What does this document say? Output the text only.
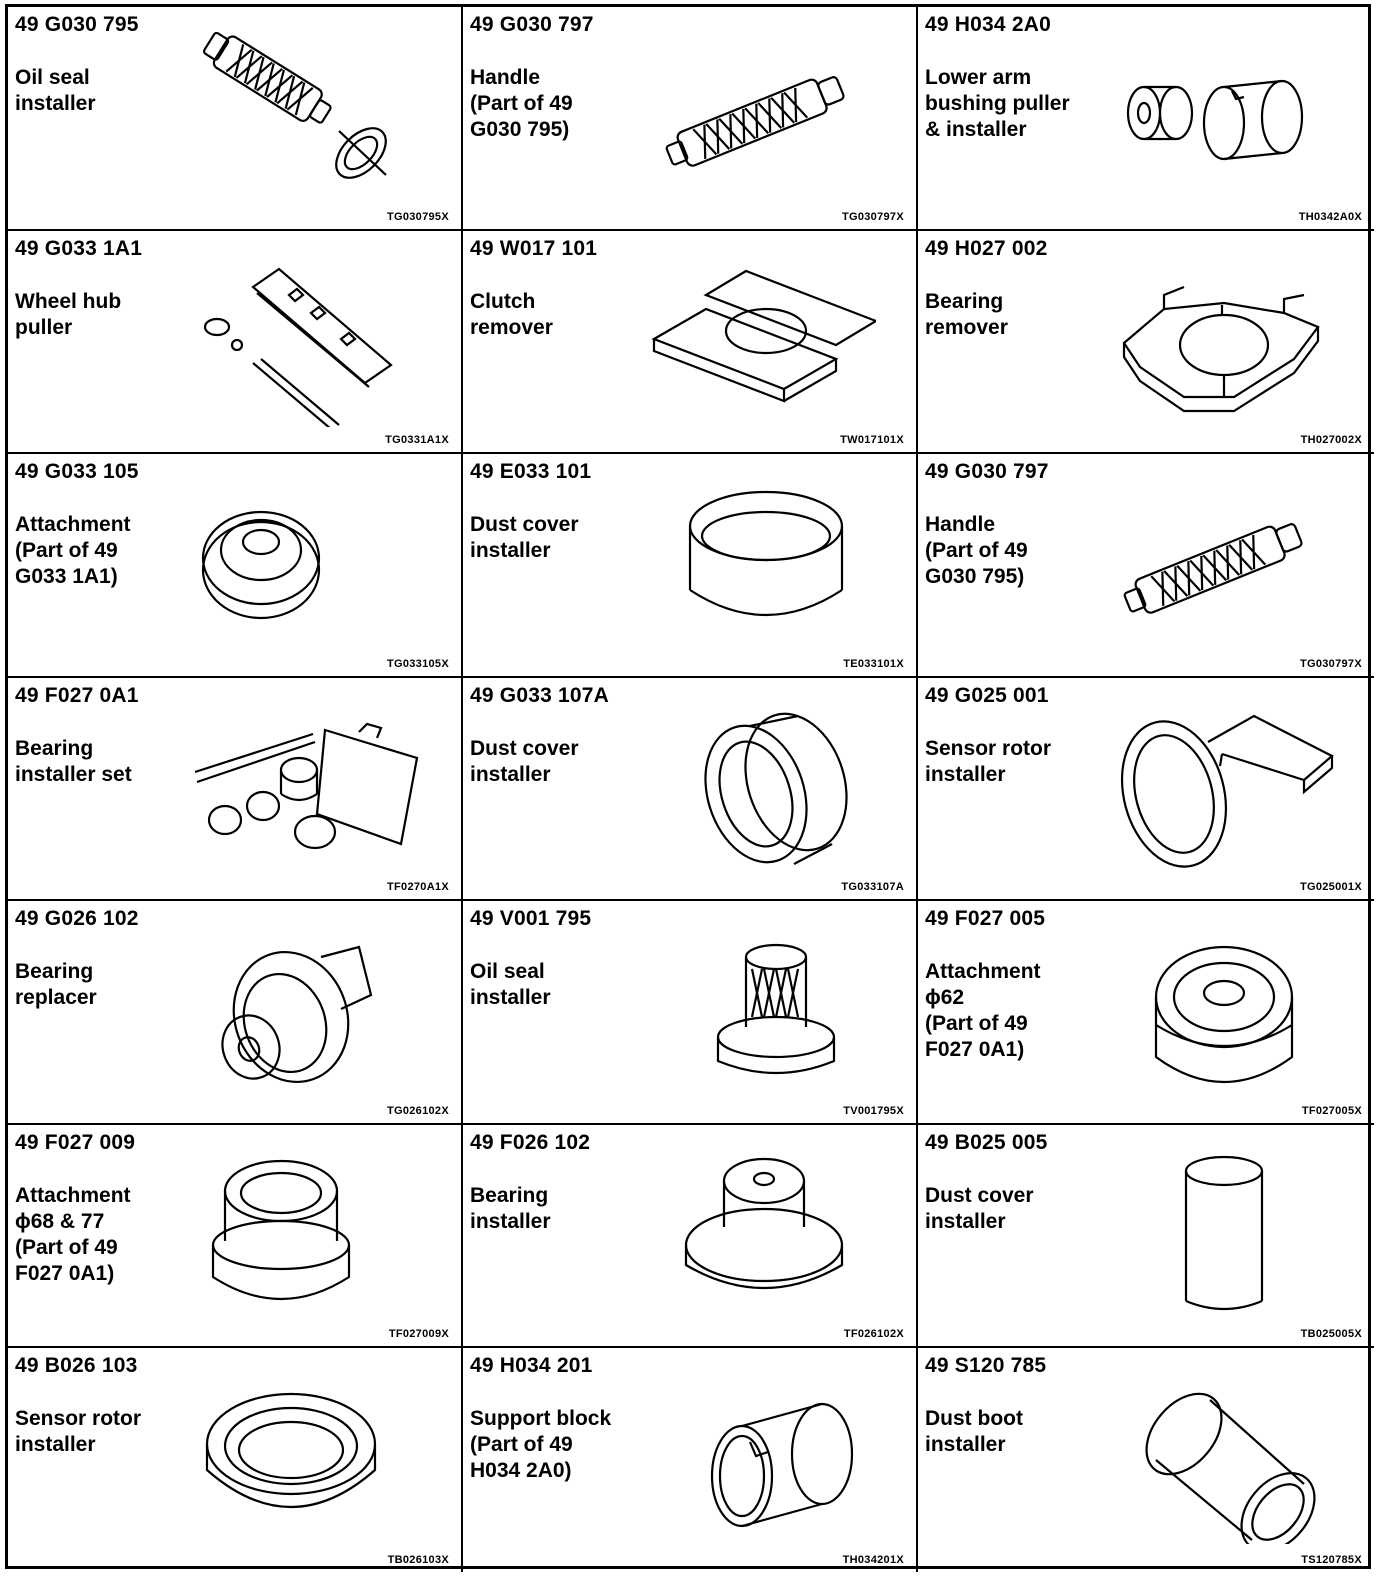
49 G030 795
Oil seal
installer
TG030795X
49 G030 797
Handle
(Part of 49
G030 795)
TG030797X
49 H034 2A0
Lower arm
bushing puller
& installer
TH0342A0X
49 G033 1A1
Wheel hub
puller
TG0331A1X
49 W017 101
Clutch
remover
TW017101X
49 H027 002
Bearing
remover
TH027002X
49 G033 105
Attachment
(Part of 49
G033 1A1)
TG033105X
49 E033 101
Dust cover
installer
TE033101X
49 G030 797
Handle
(Part of 49
G030 795)
TG030797X
49 F027 0A1
Bearing
installer set
TF0270A1X
49 G033 107A
Dust cover
installer
TG033107A
49 G025 001
Sensor rotor
installer
TG025001X
49 G026 102
Bearing
replacer
TG026102X
49 V001 795
Oil seal
installer
TV001795X
49 F027 005
Attachment
ϕ62
(Part of 49
F027 0A1)
TF027005X
49 F027 009
Attachment
ϕ68 & 77
(Part of 49
F027 0A1)
TF027009X
49 F026 102
Bearing
installer
TF026102X
49 B025 005
Dust cover
installer
TB025005X
49 B026 103
Sensor rotor
installer
TB026103X
49 H034 201
Support block
(Part of 49
H034 2A0)
TH034201X
49 S120 785
Dust boot
installer
TS120785X
